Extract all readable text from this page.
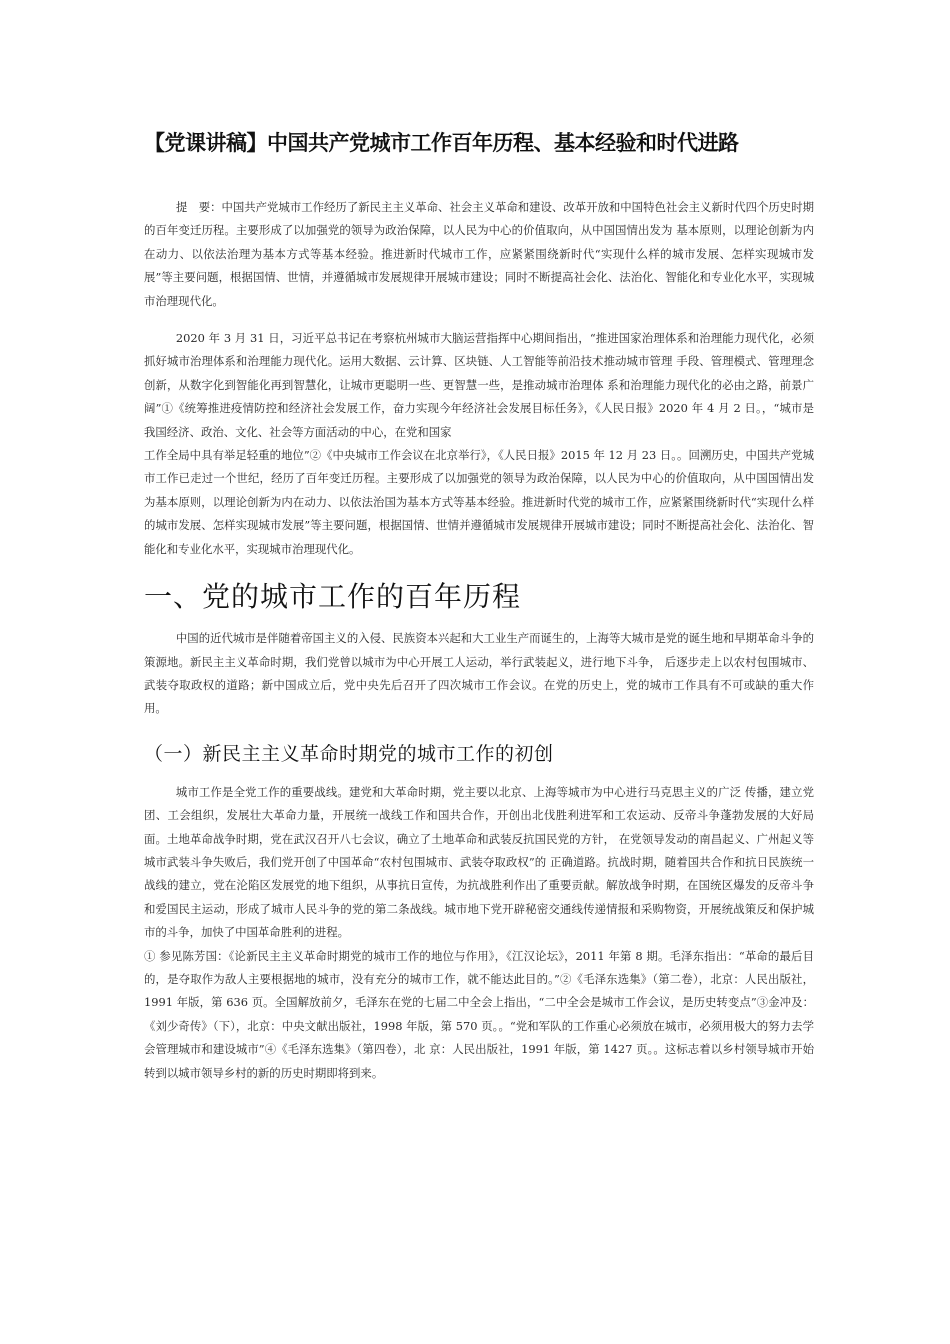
【党课讲稿】中国共产党城市工作百年历程、基本经验和时代进路

提　要：中国共产党城市工作经历了新民主主义革命、社会主义革命和建设、改革开放和中国特色社会主义新时代四个历史时期的百年变迁历程。主要形成了以加强党的领导为政治保障，以人民为中心的价值取向，从中国国情出发为 基本原则，以理论创新为内在动力、以依法治理为基本方式等基本经验。推进新时代城市工作，应紧紧围绕新时代“实现什么样的城市发展、怎样实现城市发展”等主要问题，根据国情、世情，并遵循城市发展规律开展城市建设；同时不断提高社会化、法治化、智能化和专业化水平，实现城市治理现代化。

2020 年 3 月 31 日，习近平总书记在考察杭州城市大脑运营指挥中心期间指出，“推进国家治理体系和治理能力现代化，必须抓好城市治理体系和治理能力现代化。运用大数据、云计算、区块链、人工智能等前沿技术推动城市管理 手段、管理模式、管理理念创新，从数字化到智能化再到智慧化，让城市更聪明一些、更智慧一些，是推动城市治理体 系和治理能力现代化的必由之路，前景广阔”①《统筹推进疫情防控和经济社会发展工作，奋力实现今年经济社会发展目标任务》，《人民日报》2020 年 4 月 2 日。，“城市是我国经济、政治、文化、社会等方面活动的中心，在党和国家

工作全局中具有举足轻重的地位”②《中央城市工作会议在北京举行》，《人民日报》2015 年 12 月 23 日。。回溯历史，中国共产党城市工作已走过一个世纪，经历了百年变迁历程。主要形成了以加强党的领导为政治保障，以人民为中心的价值取向，从中国国情出发为基本原则，以理论创新为内在动力、以依法治国为基本方式等基本经验。推进新时代党的城市工作，应紧紧围绕新时代“实现什么样的城市发展、怎样实现城市发展”等主要问题，根据国情、世情并遵循城市发展规律开展城市建设；同时不断提高社会化、法治化、智能化和专业化水平，实现城市治理现代化。

一、党的城市工作的百年历程

中国的近代城市是伴随着帝国主义的入侵、民族资本兴起和大工业生产而诞生的，上海等大城市是党的诞生地和早期革命斗争的策源地。新民主主义革命时期，我们党曾以城市为中心开展工人运动，举行武装起义，进行地下斗争， 后逐步走上以农村包围城市、武装夺取政权的道路；新中国成立后，党中央先后召开了四次城市工作会议。在党的历史上，党的城市工作具有不可或缺的重大作用。

（一）新民主主义革命时期党的城市工作的初创

城市工作是全党工作的重要战线。建党和大革命时期，党主要以北京、上海等城市为中心进行马克思主义的广泛 传播，建立党团、工会组织，发展壮大革命力量，开展统一战线工作和国共合作，开创出北伐胜利进军和工农运动、反帝斗争蓬勃发展的大好局面。土地革命战争时期，党在武汉召开八七会议，确立了土地革命和武装反抗国民党的方针， 在党领导发动的南昌起义、广州起义等城市武装斗争失败后，我们党开创了中国革命“农村包围城市、武装夺取政权”的 正确道路。抗战时期，随着国共合作和抗日民族统一战线的建立，党在沦陷区发展党的地下组织，从事抗日宣传，为抗战胜利作出了重要贡献。解放战争时期，在国统区爆发的反帝斗争和爱国民主运动，形成了城市人民斗争的党的第二条战线。城市地下党开辟秘密交通线传递情报和采购物资，开展统战策反和保护城市的斗争，加快了中国革命胜利的进程。

① 参见陈芳国：《论新民主主义革命时期党的城市工作的地位与作用》，《江汉论坛》，2011 年第 8 期。毛泽东指出：“革命的最后目的，是夺取作为敌人主要根据地的城市，没有充分的城市工作，就不能达此目的。”②《毛泽东选集》（第二卷），北京：人民出版社，1991 年版，第 636 页。全国解放前夕，毛泽东在党的七届二中全会上指出，“二中全会是城市工作会议，是历史转变点”③金冲及：《刘少奇传》（下），北京：中央文献出版社，1998 年版，第 570 页。。“党和军队的工作重心必须放在城市，必须用极大的努力去学会管理城市和建设城市”④《毛泽东选集》（第四卷），北 京：人民出版社，1991 年版，第 1427 页。。这标志着以乡村领导城市开始转到以城市领导乡村的新的历史时期即将到来。
